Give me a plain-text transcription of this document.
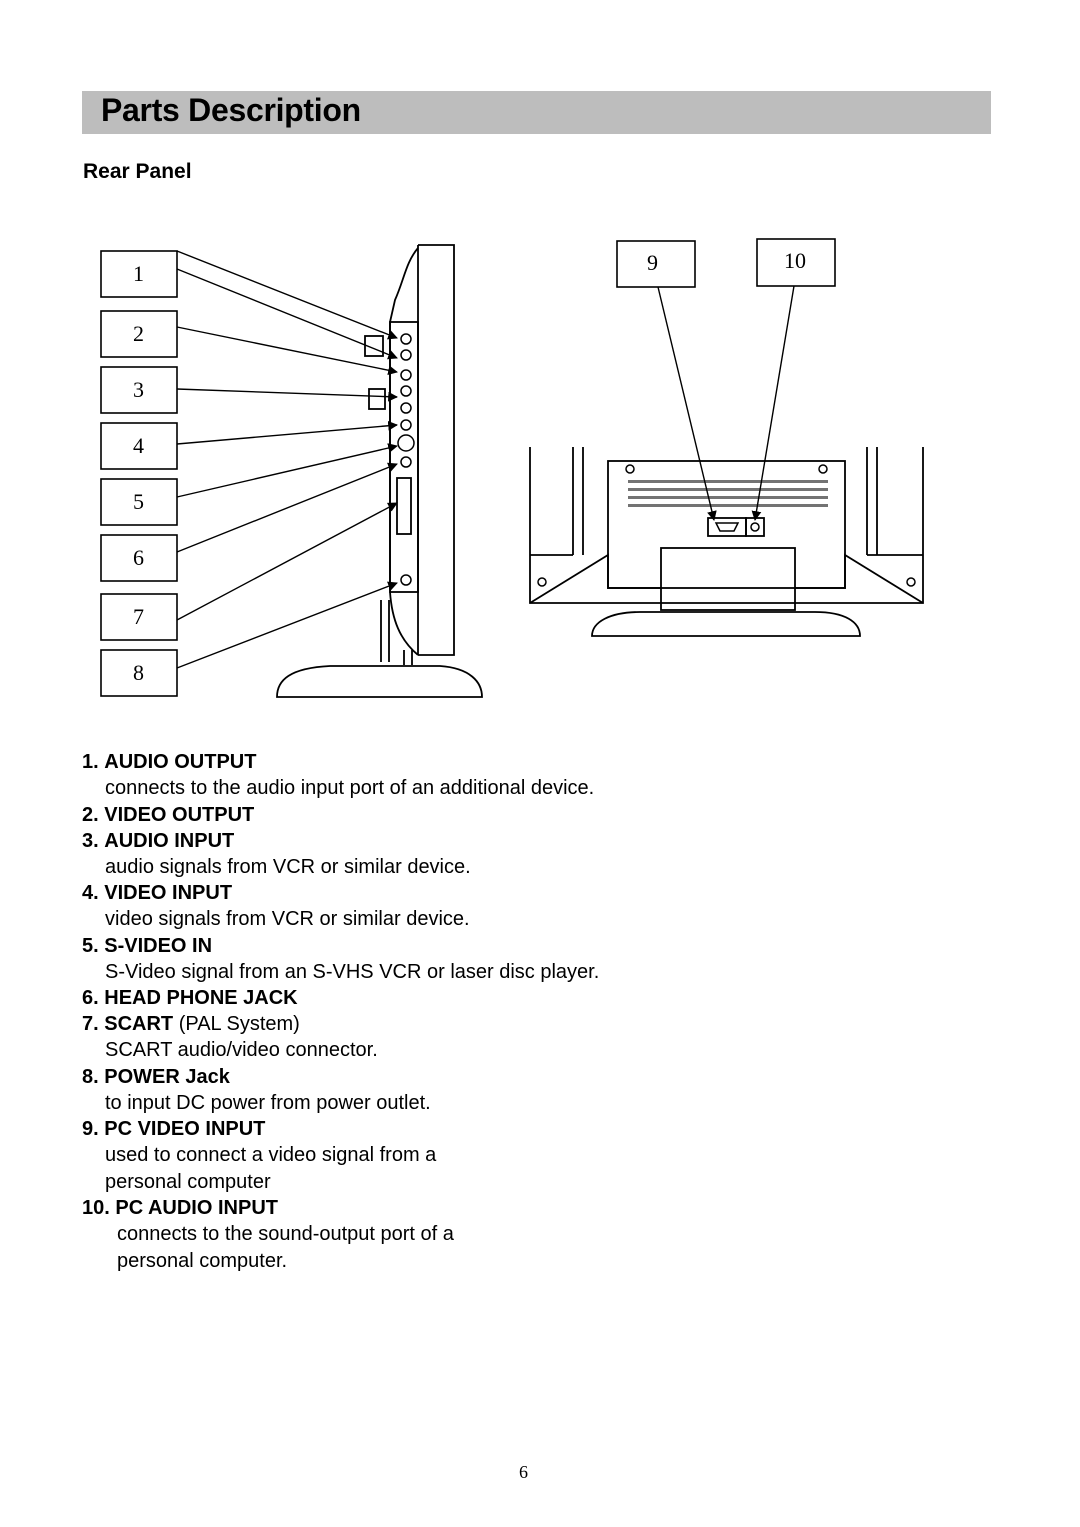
Parts Description
Rear Panel
1
2
3
4
5
6
7
8
9	10
1. AUDIO OUTPUT
connects to the audio input port of an additional device.
2. VIDEO OUTPUT
3. AUDIO INPUT
audio signals from VCR or similar device.
4. VIDEO INPUT
video signals from VCR or similar device.
5. S-VIDEO IN
S-Video signal from an S-VHS VCR or laser disc player.
6. HEAD PHONE JACK
7. SCART (PAL System)
SCART audio/video connector.
8. POWER Jack
to input DC power from power outlet.
9. PC VIDEO INPUT
used to connect a video signal from a
personal computer
10. PC AUDIO INPUT
connects to the sound-output port of a
personal computer.
6
